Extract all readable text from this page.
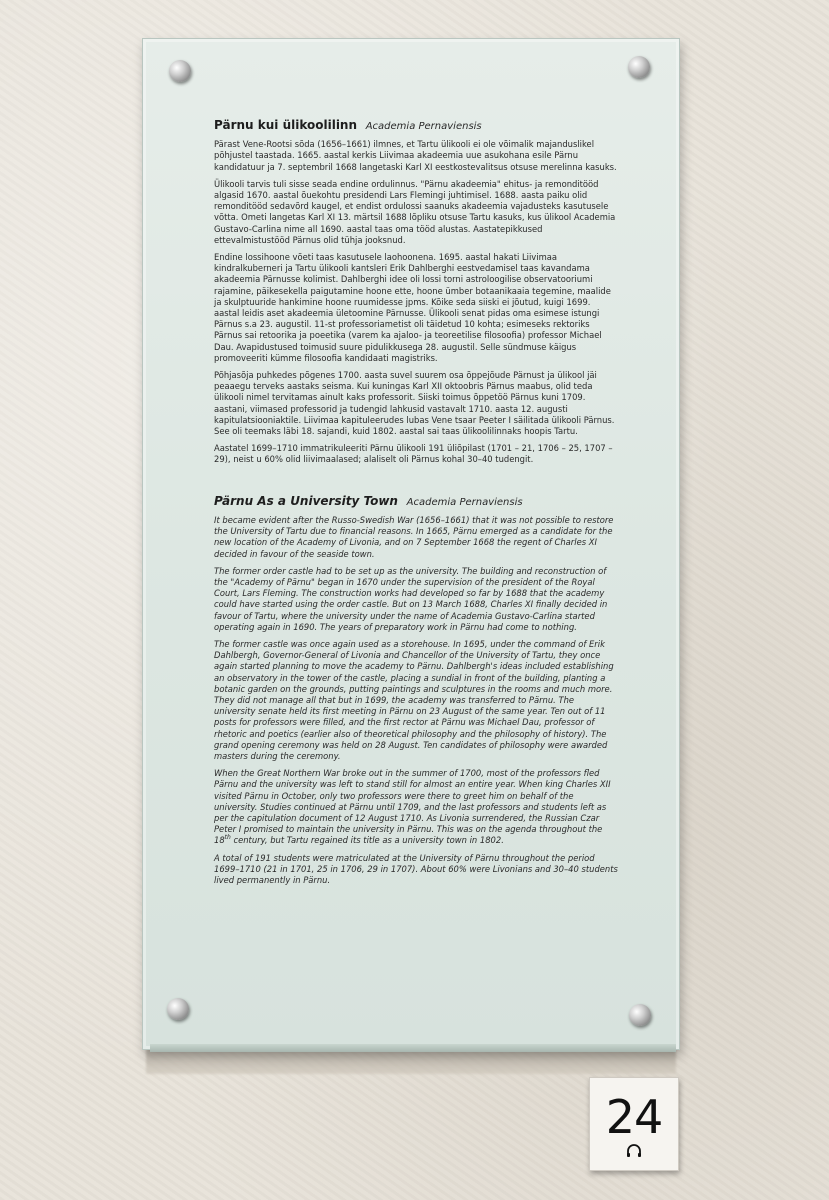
Pärnu kui ülikoolilinn Academia Pernaviensis

Pärast Vene-Rootsi sõda (1656–1661) ilmnes, et Tartu ülikooli ei ole võimalik majanduslikel põhjustel taastada. 1665. aastal kerkis Liivimaa akadeemia uue asukohana esile Pärnu kandidatuur ja 7. septembril 1668 langetaski Karl XI eestkostevalitsus otsuse merelinna kasuks.

Ülikooli tarvis tuli sisse seada endine ordulinnus. "Pärnu akadeemia" ehitus- ja remonditööd algasid 1670. aastal õuekohtu presidendi Lars Flemingi juhtimisel. 1688. aasta paiku olid remonditööd sedavõrd kaugel, et endist ordulossi saanuks akadeemia vajadusteks kasutusele võtta. Ometi langetas Karl XI 13. märtsil 1688 lõpliku otsuse Tartu kasuks, kus ülikool Academia Gustavo-Carlina nime all 1690. aastal taas oma tööd alustas. Aastatepikkused ettevalmistustööd Pärnus olid tühja jooksnud.

Endine lossihoone võeti taas kasutusele laohoonena. 1695. aastal hakati Liivimaa kindralkuberneri ja Tartu ülikooli kantsleri Erik Dahlberghi eestvedamisel taas kavandama akadeemia Pärnusse kolimist. Dahlberghi idee oli lossi torni astroloogilise observatooriumi rajamine, päikesekella paigutamine hoone ette, hoone ümber botaanikaaia tegemine, maalide ja skulptuuride hankimine hoone ruumidesse jpms. Kõike seda siiski ei jõutud, kuigi 1699. aastal leidis aset akadeemia ületoomine Pärnusse. Ülikooli senat pidas oma esimese istungi Pärnus s.a 23. augustil. 11-st professoriametist oli täidetud 10 kohta; esimeseks rektoriks Pärnus sai retoorika ja poeetika (varem ka ajaloo- ja teoreetilise filosoofia) professor Michael Dau. Avapidustused toimusid suure pidulikkusega 28. augustil. Selle sündmuse käigus promoveeriti kümme filosoofia kandidaati magistriks.

Põhjasõja puhkedes põgenes 1700. aasta suvel suurem osa õppejõude Pärnust ja ülikool jäi peaaegu terveks aastaks seisma. Kui kuningas Karl XII oktoobris Pärnus maabus, olid teda ülikooli nimel tervitamas ainult kaks professorit. Siiski toimus õppetöö Pärnus kuni 1709. aastani, viimased professorid ja tudengid lahkusid vastavalt 1710. aasta 12. augusti kapitulatsiooniaktile. Liivimaa kapituleerudes lubas Vene tsaar Peeter I säilitada ülikooli Pärnus. See oli teemaks läbi 18. sajandi, kuid 1802. aastal sai taas ülikoolilinnaks hoopis Tartu.

Aastatel 1699–1710 immatrikuleeriti Pärnu ülikooli 191 üliõpilast (1701 – 21, 1706 – 25, 1707 – 29), neist u 60% olid liivimaalased; alaliselt oli Pärnus kohal 30–40 tudengit.

Pärnu As a University Town Academia Pernaviensis

It became evident after the Russo-Swedish War (1656–1661) that it was not possible to restore the University of Tartu due to financial reasons. In 1665, Pärnu emerged as a candidate for the new location of the Academy of Livonia, and on 7 September 1668 the regent of Charles XI decided in favour of the seaside town.

The former order castle had to be set up as the university. The building and reconstruction of the "Academy of Pärnu" began in 1670 under the supervision of the president of the Royal Court, Lars Fleming. The construction works had developed so far by 1688 that the academy could have started using the order castle. But on 13 March 1688, Charles XI finally decided in favour of Tartu, where the university under the name of Academia Gustavo-Carlina started operating again in 1690. The years of preparatory work in Pärnu had come to nothing.

The former castle was once again used as a storehouse. In 1695, under the command of Erik Dahlbergh, Governor-General of Livonia and Chancellor of the University of Tartu, they once again started planning to move the academy to Pärnu. Dahlbergh's ideas included establishing an observatory in the tower of the castle, placing a sundial in front of the building, planting a botanic garden on the grounds, putting paintings and sculptures in the rooms and much more. They did not manage all that but in 1699, the academy was transferred to Pärnu. The university senate held its first meeting in Pärnu on 23 August of the same year. Ten out of 11 posts for professors were filled, and the first rector at Pärnu was Michael Dau, professor of rhetoric and poetics (earlier also of theoretical philosophy and the philosophy of history). The grand opening ceremony was held on 28 August. Ten candidates of philosophy were awarded masters during the ceremony.

When the Great Northern War broke out in the summer of 1700, most of the professors fled Pärnu and the university was left to stand still for almost an entire year. When king Charles XII visited Pärnu in October, only two professors were there to greet him on behalf of the university. Studies continued at Pärnu until 1709, and the last professors and students left as per the capitulation document of 12 August 1710. As Livonia surrendered, the Russian Czar Peter I promised to maintain the university in Pärnu. This was on the agenda throughout the 18th century, but Tartu regained its title as a university town in 1802.

A total of 191 students were matriculated at the University of Pärnu throughout the period 1699–1710 (21 in 1701, 25 in 1706, 29 in 1707). About 60% were Livonians and 30–40 students lived permanently in Pärnu.

24
